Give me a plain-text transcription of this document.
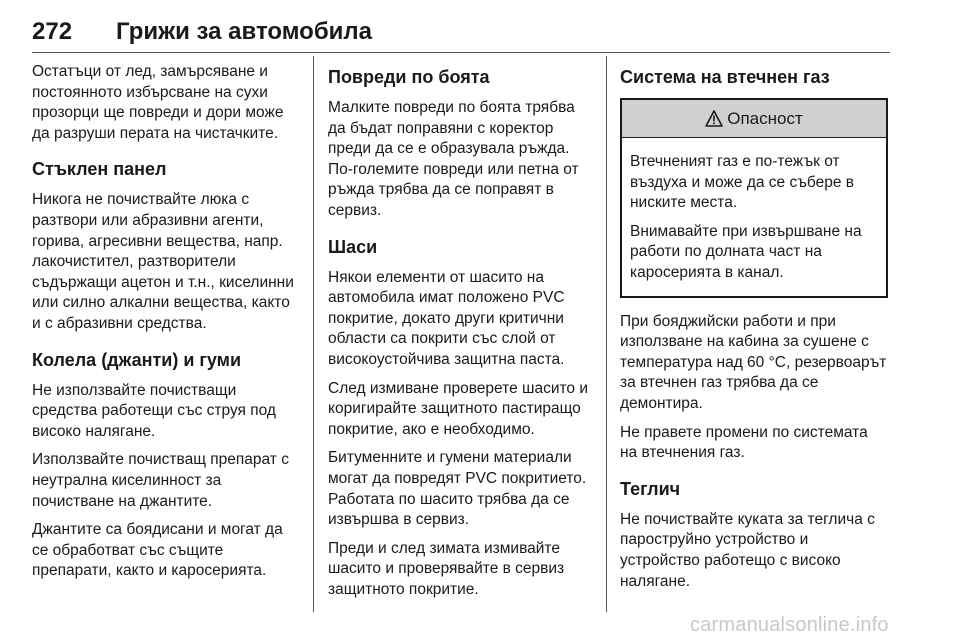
272	Грижи за автомобила

Остатъци от лед, замърсяване и постояннoто избърсване на сухи прозорци ще повреди и дори може да разруши перата на чистачките.

Стъклен панел

Никога не почиствайте люка с разтвори или абразивни агенти, горива, агресивни вещества, напр. лакочистител, разтворители съдържащи ацетон и т.н., киселинни или силно алкални вещества, както и с абразивни средства.

Колела (джанти) и гуми

Не използвайте почистващи средства работещи със струя под високо налягане.

Използвайте почистващ препарат с неутрална киселинност за почистване на джантите.

Джантите са боядисани и могат да се обработват със същите препарати, както и каросерията.

Повреди по боята

Малките повреди по боята трябва да бъдат поправяни с коректор преди да се е образувала ръжда. По-големите повреди или петна от ръжда трябва да се поправят в сервиз.

Шаси

Някои елементи от шасито на автомобила имат положено PVC покритие, докато други критични области са покрити със слой от високоустойчива защитна паста.

След измиване проверете шасито и коригирайте защитното пастиращо покритие, ако е необходимо.

Битуменните и гумени материали могат да повредят PVC покритието. Работата по шасито трябва да се извършва в сервиз.

Преди и след зимата измивайте шасито и проверявайте в сервиз защитното покритие.

Система на втечнен газ
Опасност

Втечненият газ е по-тежък от въздуха и може да се събере в ниските места.

Внимавайте при извършване на работи по долната част на каросерията в канал.

При бояджийски работи и при използване на кабина за сушене с температура над 60 °C, резервоарът за втечнен газ трябва да се демонтира.

Не правете промени по системата на втечнения газ.

Теглич

Не почиствайте куката за теглича с пароструйно устройство и устройство работещо с високо налягане.

carmanualsonline.info
